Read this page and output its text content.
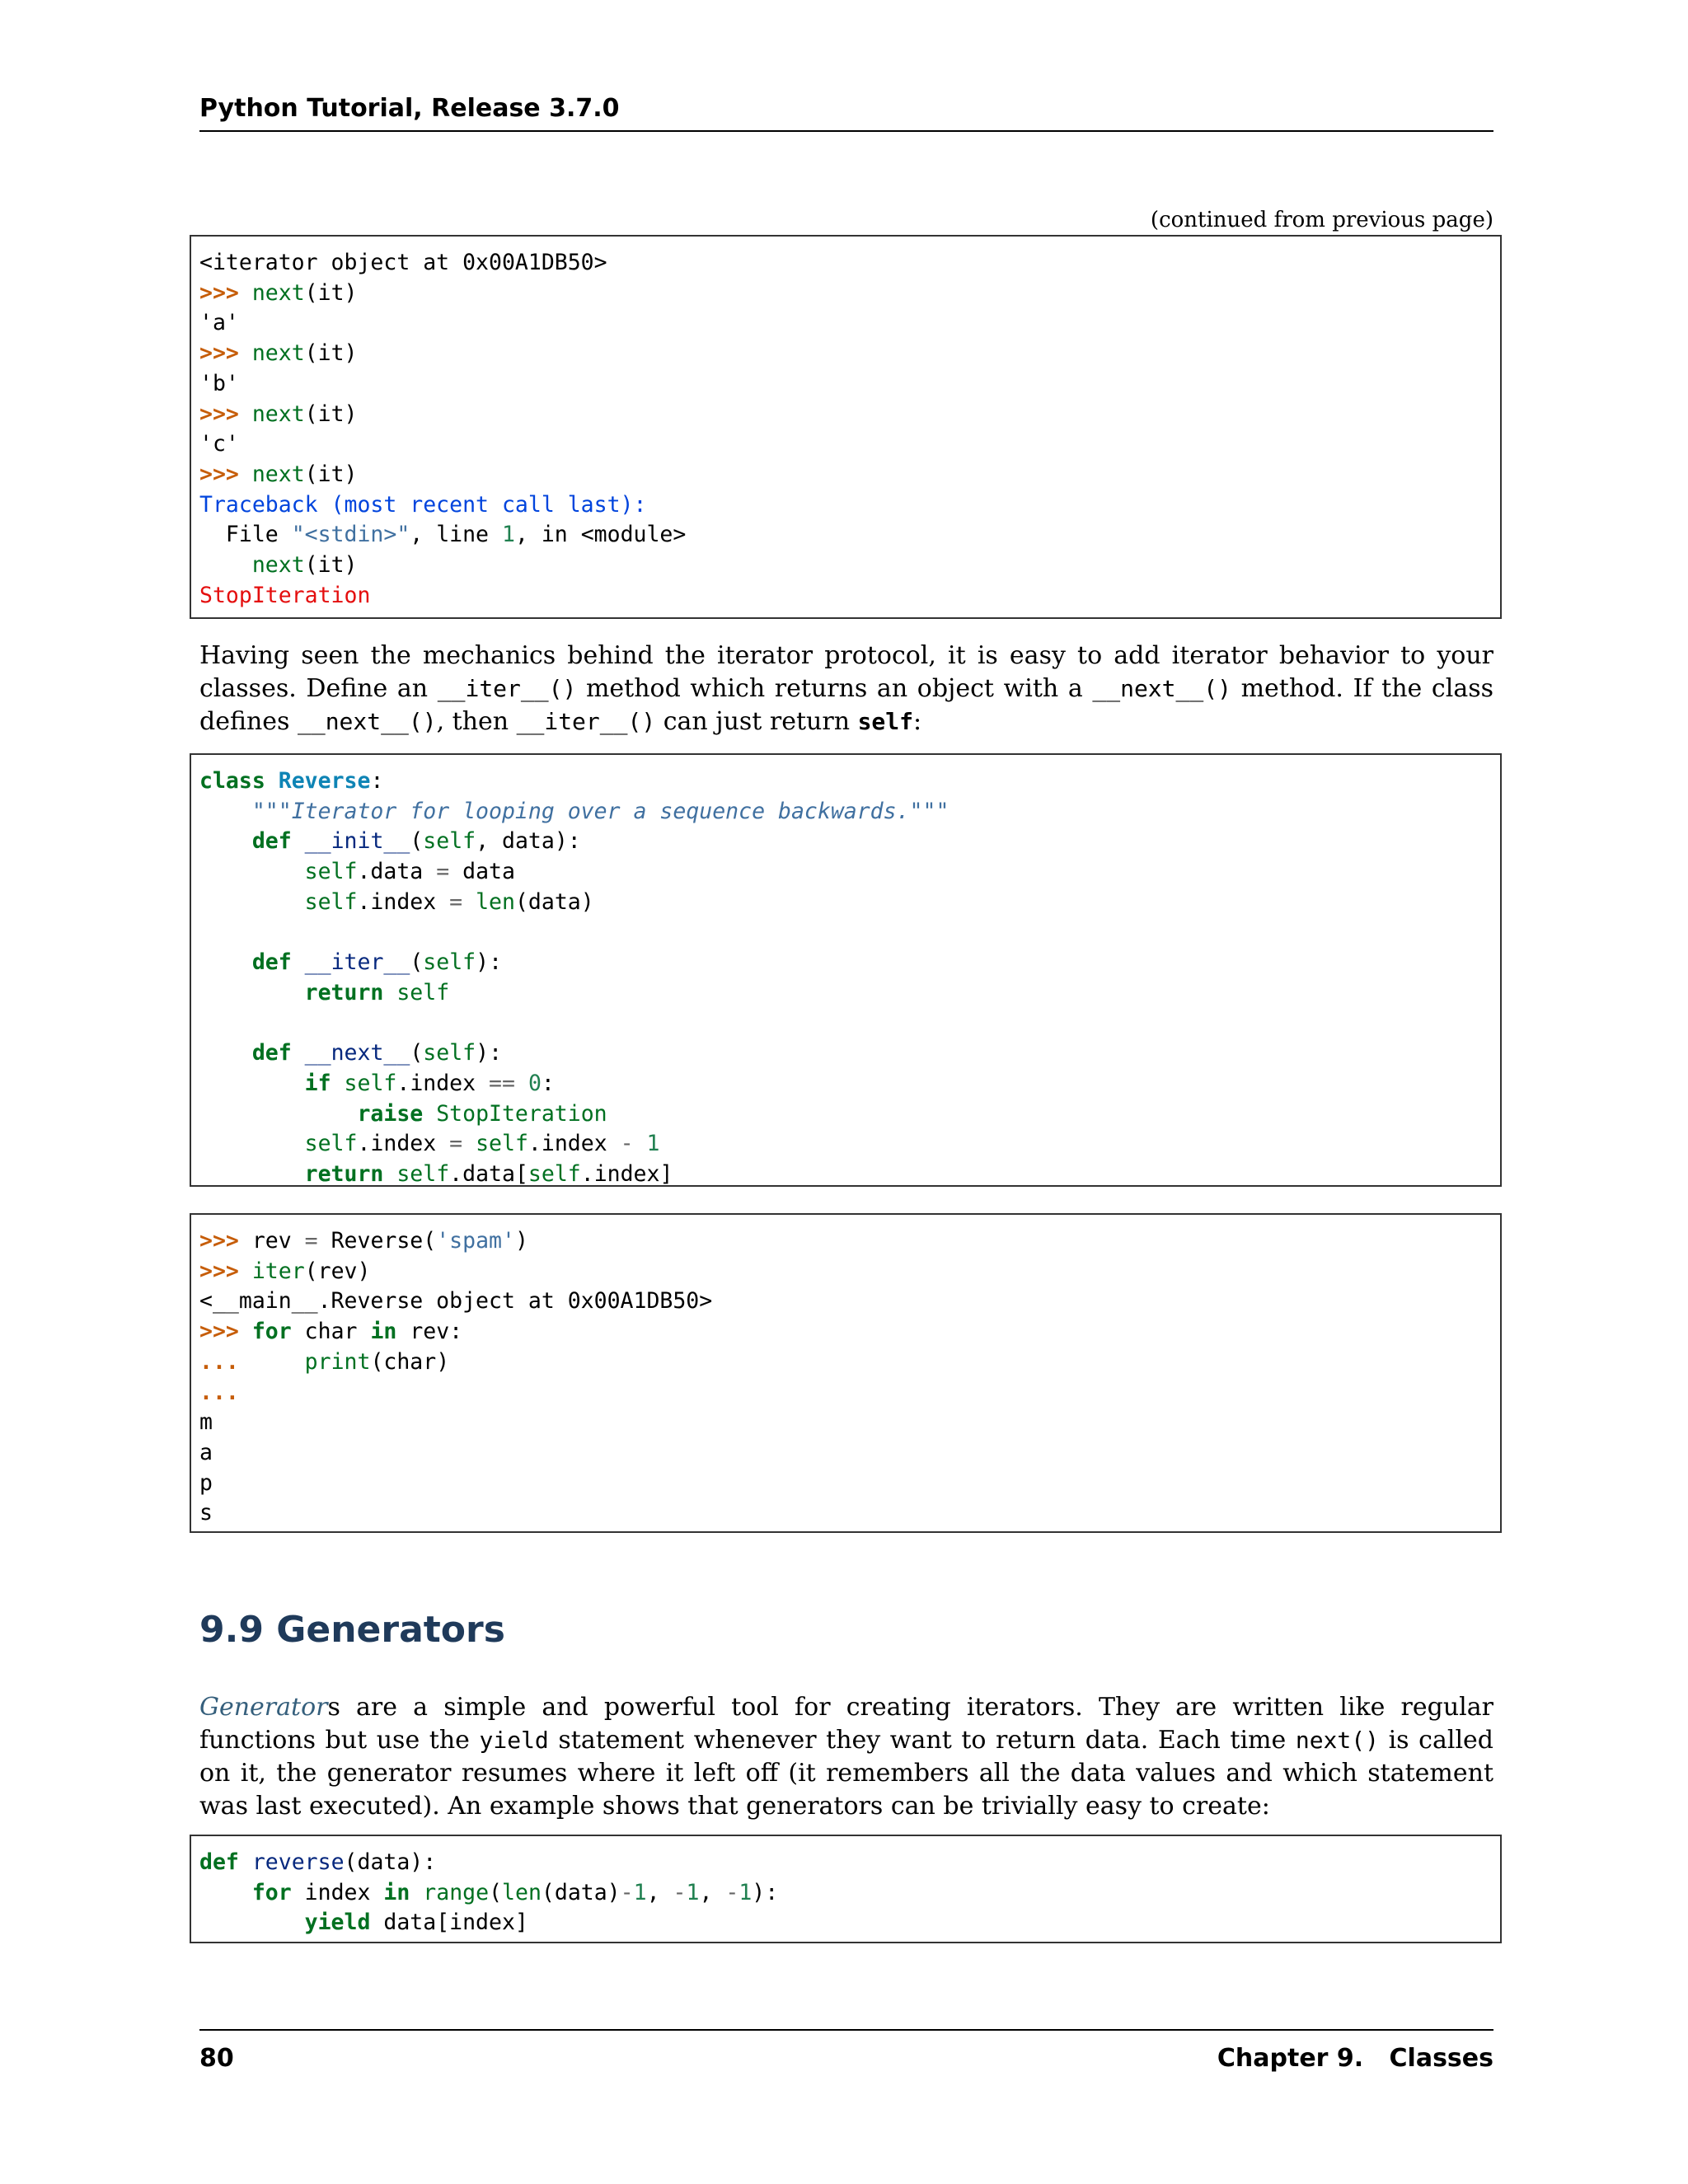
Python Tutorial, Release 3.7.0
(continued from previous page)
<iterator object at 0x00A1DB50>
>>> next(it)
'a'
>>> next(it)
'b'
>>> next(it)
'c'
>>> next(it)
Traceback (most recent call last):
File "<stdin>", line 1, in <module>
next(it)
StopIteration

Having seen the mechanics behind the iterator protocol, it is easy to add iterator behavior to your classes. Define an __iter__() method which returns an object with a __next__() method. If the class defines __next__(), then __iter__() can just return self:

class Reverse:
"""Iterator for looping over a sequence backwards."""
def __init__(self, data):
self.data = data
self.index = len(data)

def __iter__(self):
return self

def __next__(self):
if self.index == 0:
raise StopIteration
self.index = self.index - 1
return self.data[self.index]
>>> rev = Reverse('spam')
>>> iter(rev)
<__main__.Reverse object at 0x00A1DB50>
>>> for char in rev:
...     print(char)
...
m
a
p
s
9.9 Generators

Generators are a simple and powerful tool for creating iterators. They are written like regular functions but use the yield statement whenever they want to return data. Each time next() is called on it, the generator resumes where it left off (it remembers all the data values and which statement was last executed). An example shows that generators can be trivially easy to create:

def reverse(data):
for index in range(len(data)-1, -1, -1):
yield data[index]
80	Chapter 9.   Classes
